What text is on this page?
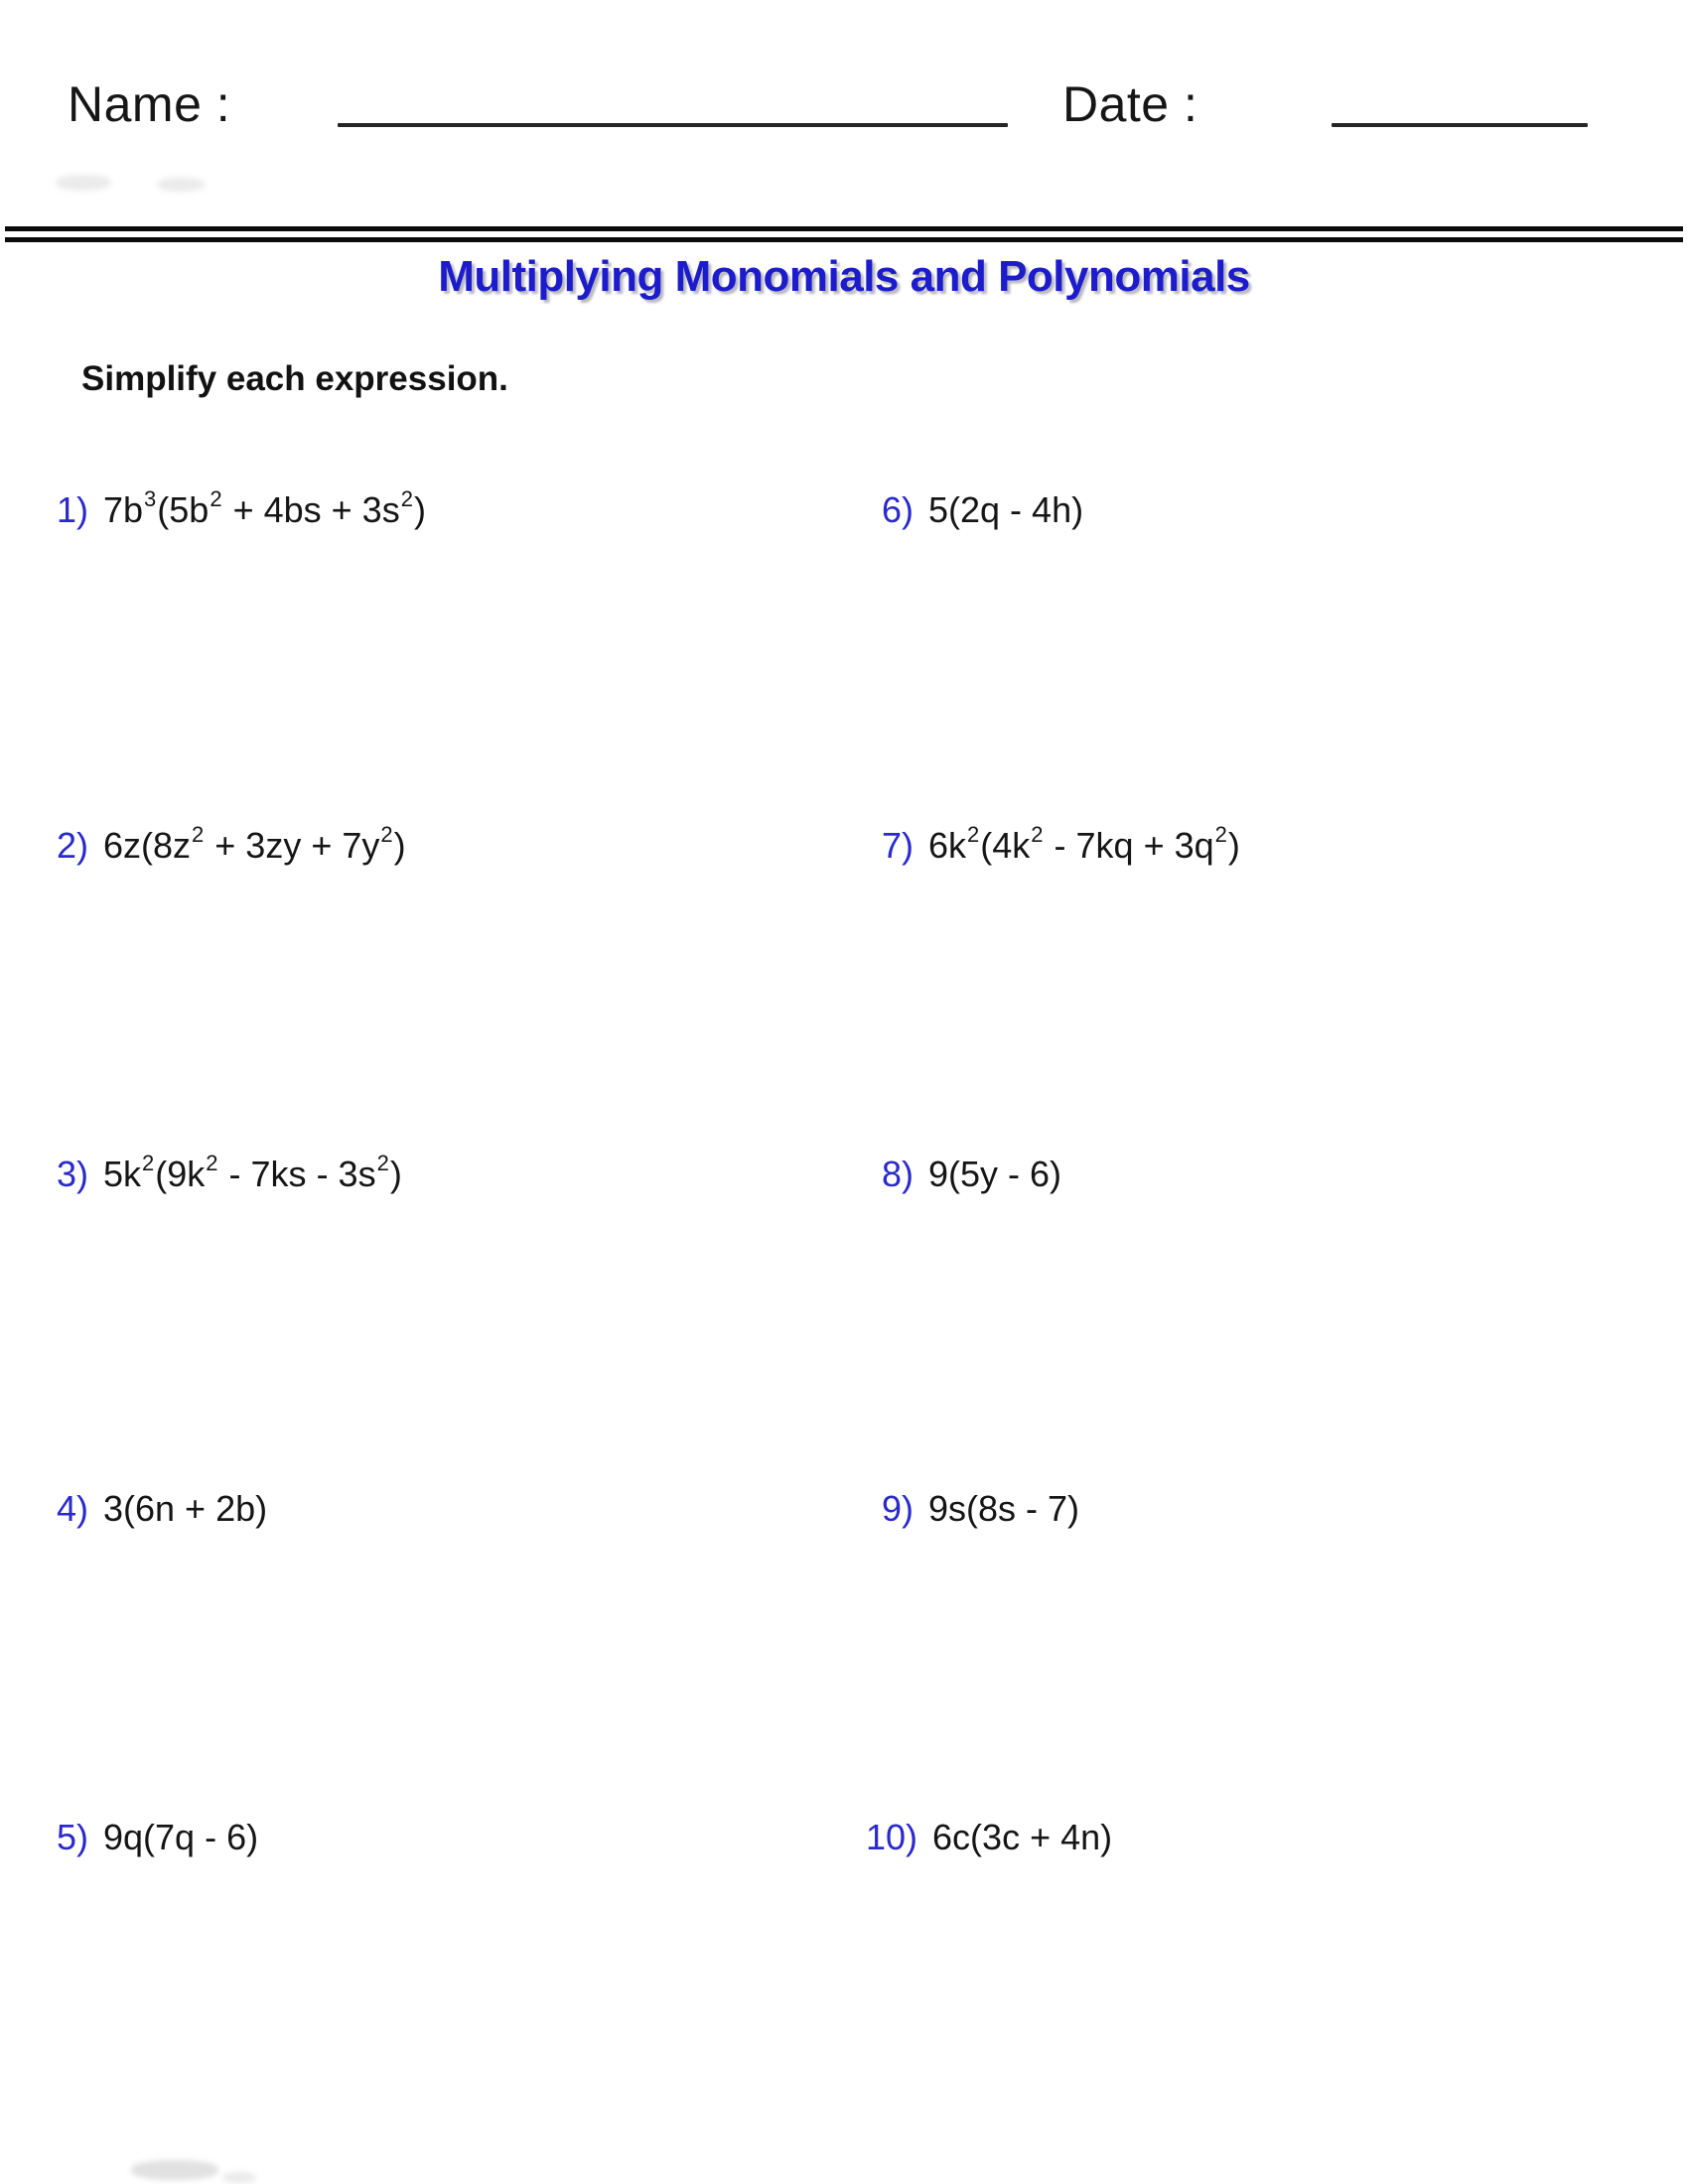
Name :	Date :
Multiplying Monomials and Polynomials
Simplify each expression.
1) $7b^3(5b^2 + 4bs + 3s^2)$
2) $6z(8z^2 + 3zy + 7y^2)$
3) $5k^2(9k^2 - 7ks - 3s^2)$
4) 3(6n + 2b)
5) 9q(7q - 6)
6) 5(2q - 4h)
7) $6k^2(4k^2 - 7kq + 3q^2)$
8) 9(5y - 6)
9) 9s(8s - 7)
10) 6c(3c + 4n)
